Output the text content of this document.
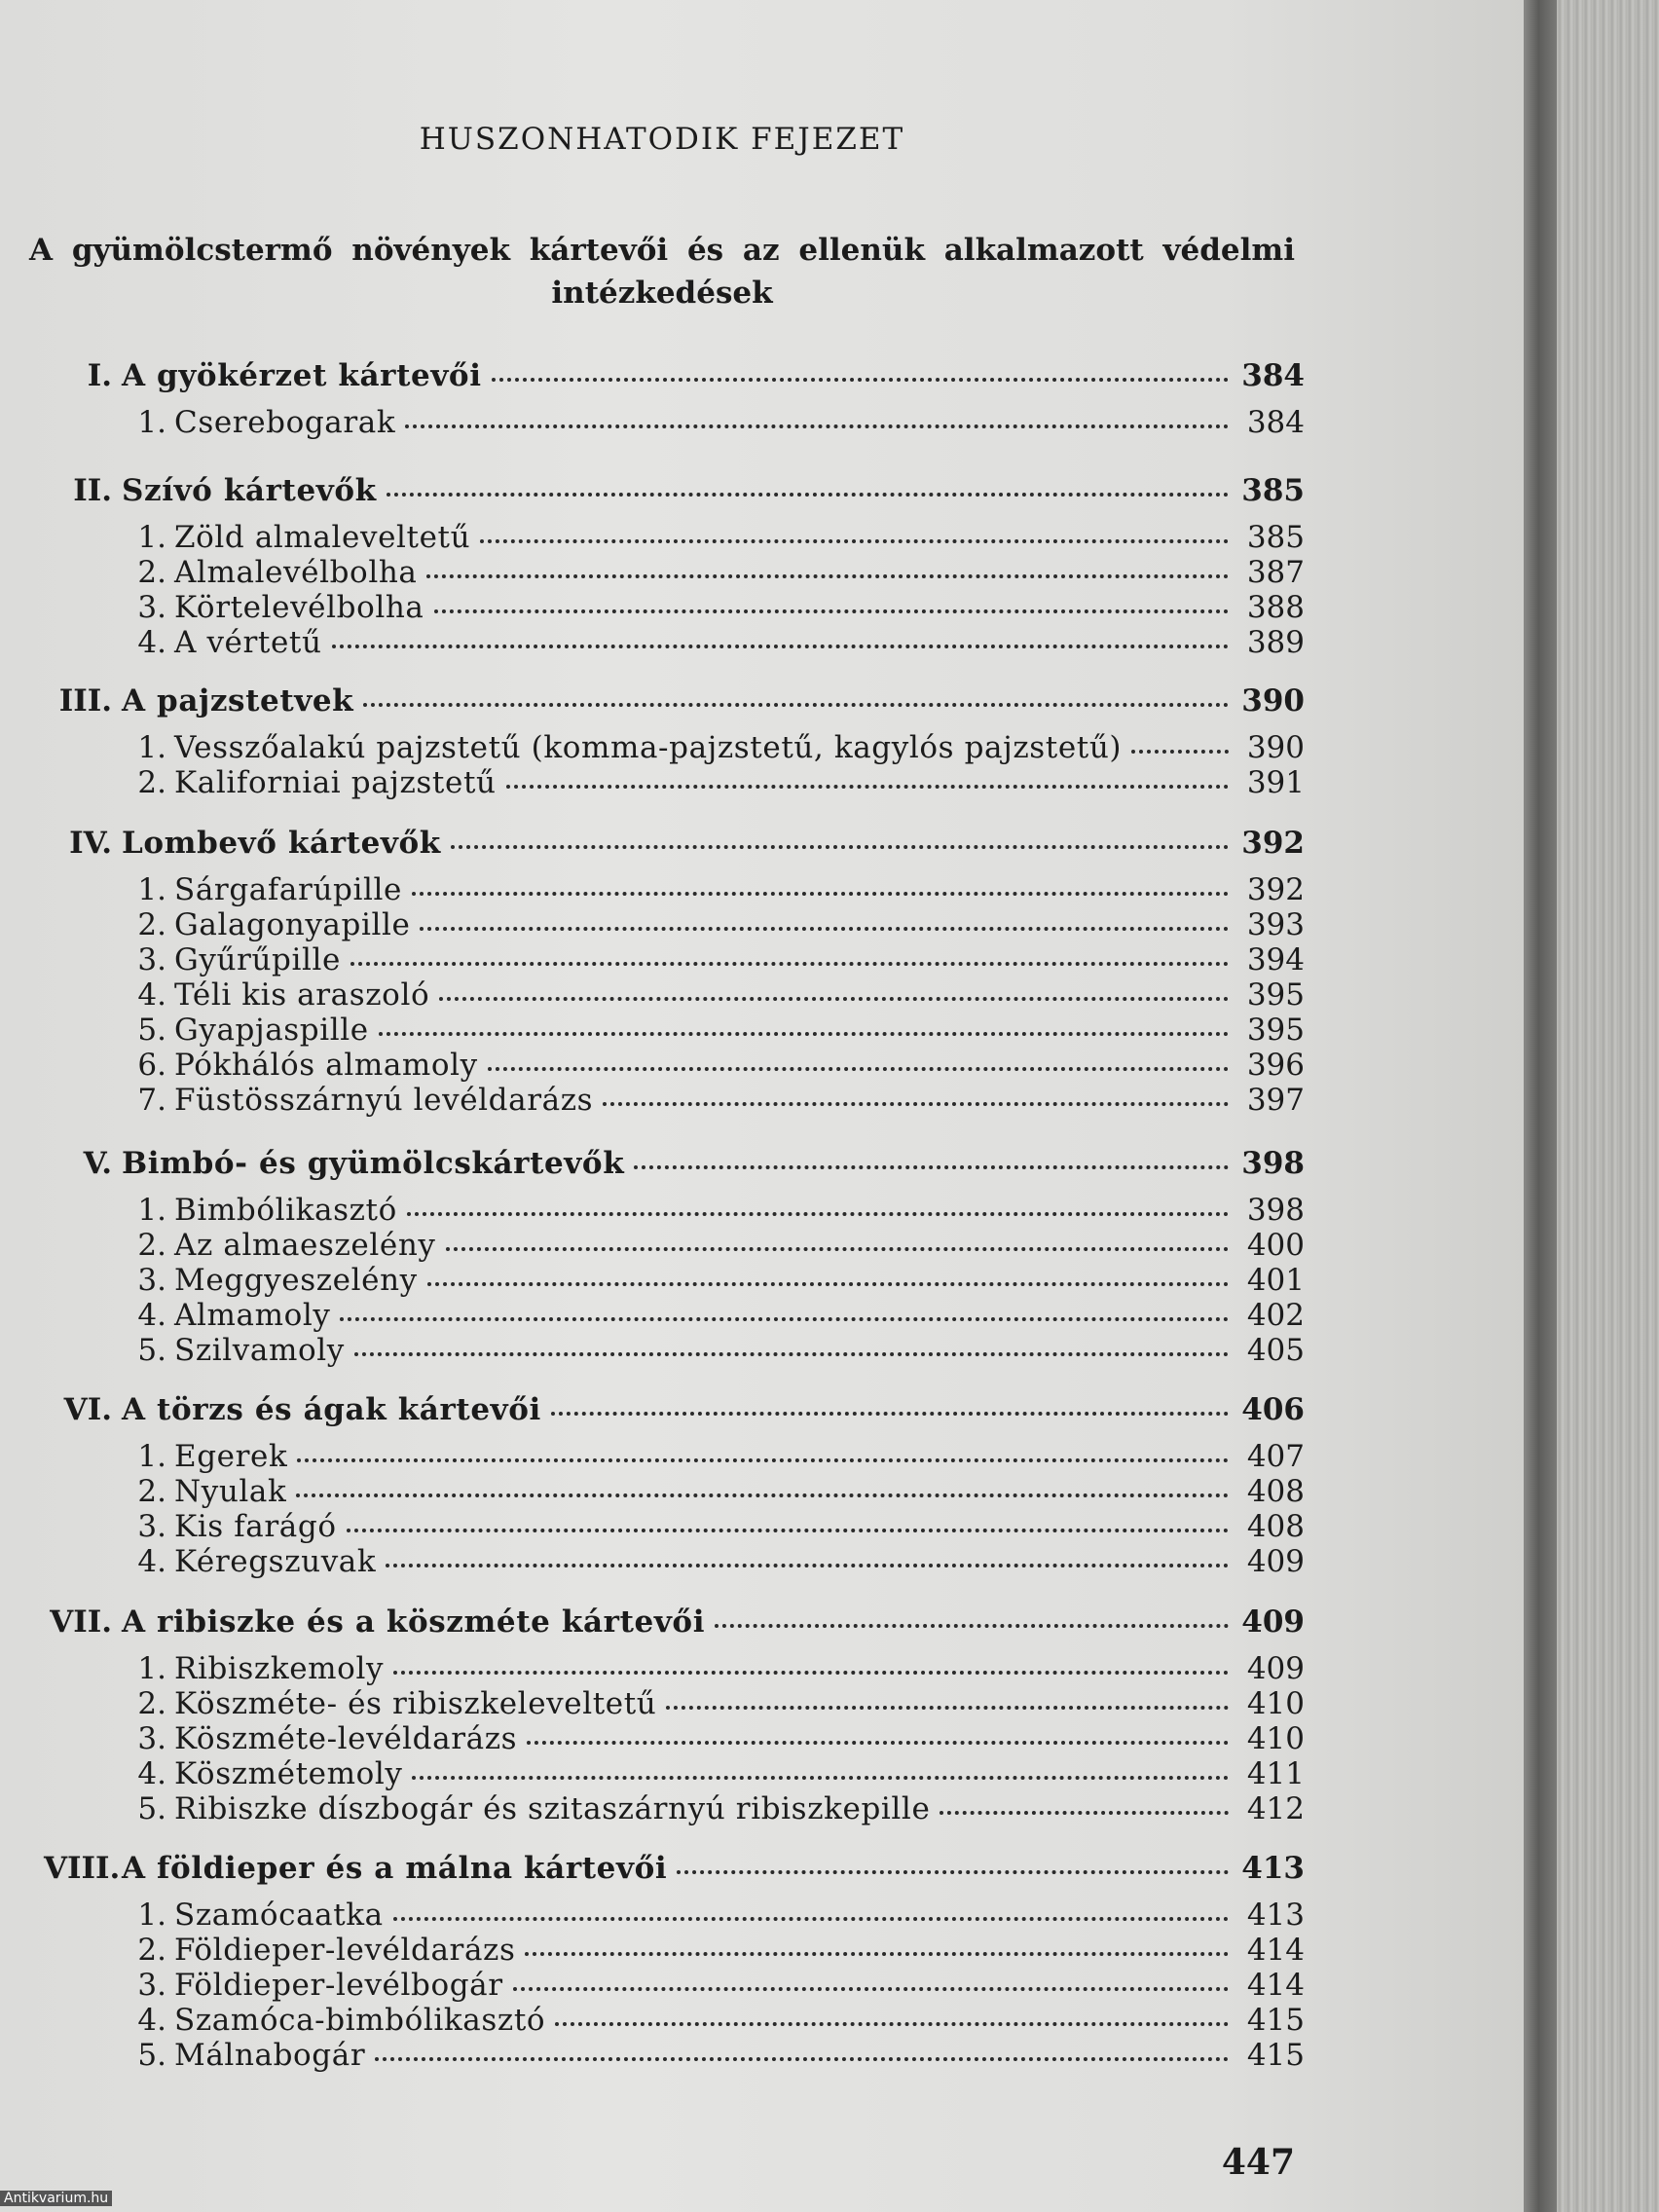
HUSZONHATODIK FEJEZET
A gyümölcstermő növények kártevői és az ellenük alkalmazott védelmi intézkedések
I. A gyökérzet kártevői	384
1. Cserebogarak	384
II. Szívó kártevők	385
1. Zöld almaleveltetű	385
2. Almalevélbolha	387
3. Körtelevélbolha	388
4. A vértetű	389
III. A pajzstetvek	390
1. Vesszőalakú pajzstetű (komma-pajzstetű, kagylós pajzstetű)	390
2. Kaliforniai pajzstetű	391
IV. Lombevő kártevők	392
1. Sárgafarúpille	392
2. Galagonyapille	393
3. Gyűrűpille	394
4. Téli kis araszoló	395
5. Gyapjaspille	395
6. Pókhálós almamoly	396
7. Füstösszárnyú levéldarázs	397
V. Bimbó- és gyümölcskártevők	398
1. Bimbólikasztó	398
2. Az almaeszelény	400
3. Meggyeszelény	401
4. Almamoly	402
5. Szilvamoly	405
VI. A törzs és ágak kártevői	406
1. Egerek	407
2. Nyulak	408
3. Kis farágó	408
4. Kéregszuvak	409
VII. A ribiszke és a köszméte kártevői	409
1. Ribiszkemoly	409
2. Köszméte- és ribiszkeleveltetű	410
3. Köszméte-levéldarázs	410
4. Köszmétemoly	411
5. Ribiszke díszbogár és szitaszárnyú ribiszkepille	412
VIII. A földieper és a málna kártevői	413
1. Szamócaatka	413
2. Földieper-levéldarázs	414
3. Földieper-levélbogár	414
4. Szamóca-bimbólikasztó	415
5. Málnabogár	415
447
Antikvarium.hu
